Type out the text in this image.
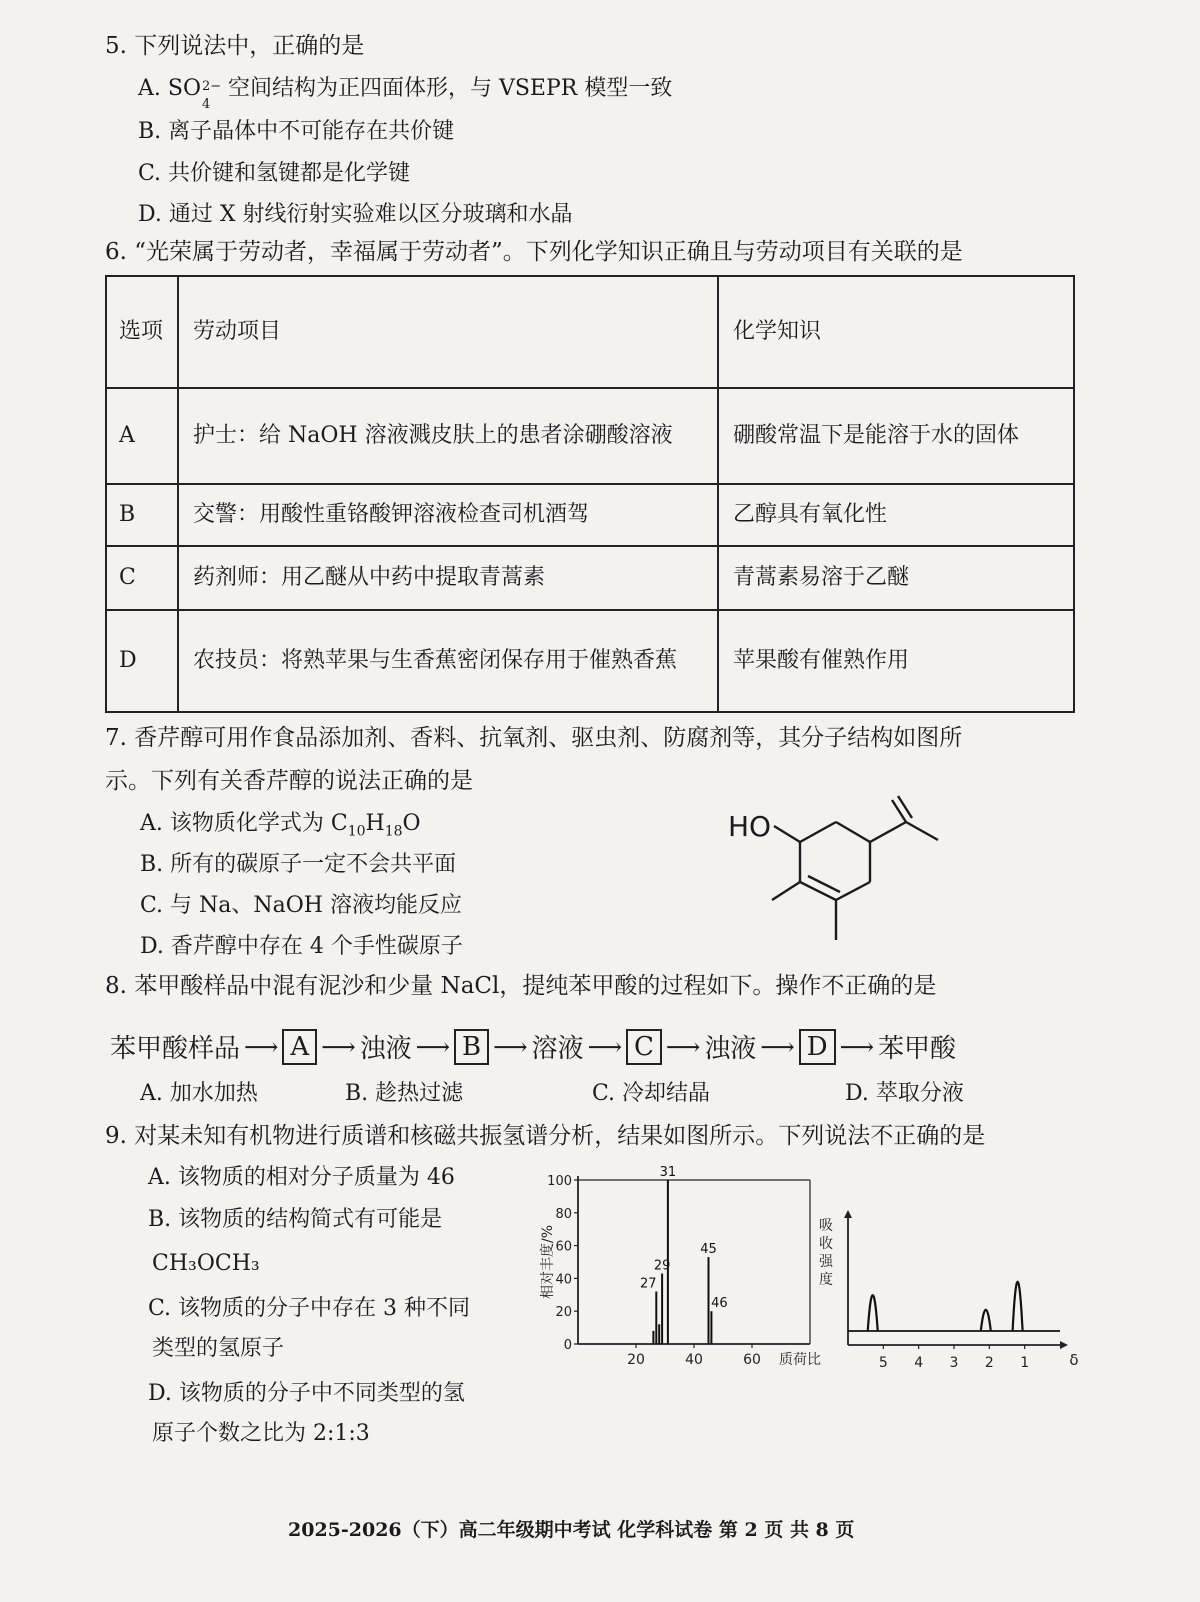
5. 下列说法中，正确的是
A. SO 2−
4
空间结构为正四面体形，与 VSEPR 模型一致
B. 离子晶体中不可能存在共价键
C. 共价键和氢键都是化学键
D. 通过 X 射线衍射实验难以区分玻璃和水晶
6. “光荣属于劳动者，幸福属于劳动者”。下列化学知识正确且与劳动项目有关联的是
选项	劳动项目	化学知识
A	护士：给 NaOH 溶液溅皮肤上的患者涂硼酸溶液	硼酸常温下是能溶于水的固体
B	交警：用酸性重铬酸钾溶液检查司机酒驾	乙醇具有氧化性
C	药剂师：用乙醚从中药中提取青蒿素	青蒿素易溶于乙醚
D	农技员：将熟苹果与生香蕉密闭保存用于催熟香蕉	苹果酸有催熟作用
7. 香芹醇可用作食品添加剂、香料、抗氧剂、驱虫剂、防腐剂等，其分子结构如图所
示。下列有关香芹醇的说法正确的是
A. 该物质化学式为 $C_{10}H_{18}O$
B. 所有的碳原子一定不会共平面
C. 与 Na、NaOH 溶液均能反应
D. 香芹醇中存在 4 个手性碳原子
HO
8. 苯甲酸样品中混有泥沙和少量 NaCl，提纯苯甲酸的过程如下。操作不正确的是
苯甲酸样品 ⟶ A ⟶ 浊液 ⟶ B ⟶ 溶液 ⟶ C ⟶ 浊液 ⟶ D ⟶ 苯甲酸
A. 加水加热	B. 趁热过滤	C. 冷却结晶	D. 萃取分液
9. 对某未知有机物进行质谱和核磁共振氢谱分析，结果如图所示。下列说法不正确的是
A. 该物质的相对分子质量为 46
B. 该物质的结构简式有可能是
CH₃OCH₃
C. 该物质的分子中存在 3 种不同
类型的氢原子
D. 该物质的分子中不同类型的氢
原子个数之比为 2:1:3
0
20
40
60
80
100
20	40	60
27
29
31
45
46
相对丰度/%
质荷比	5 4 3 2 1	δ
吸
收
强
度
2025-2026（下）高二年级期中考试 化学科试卷 第 2 页 共 8 页
